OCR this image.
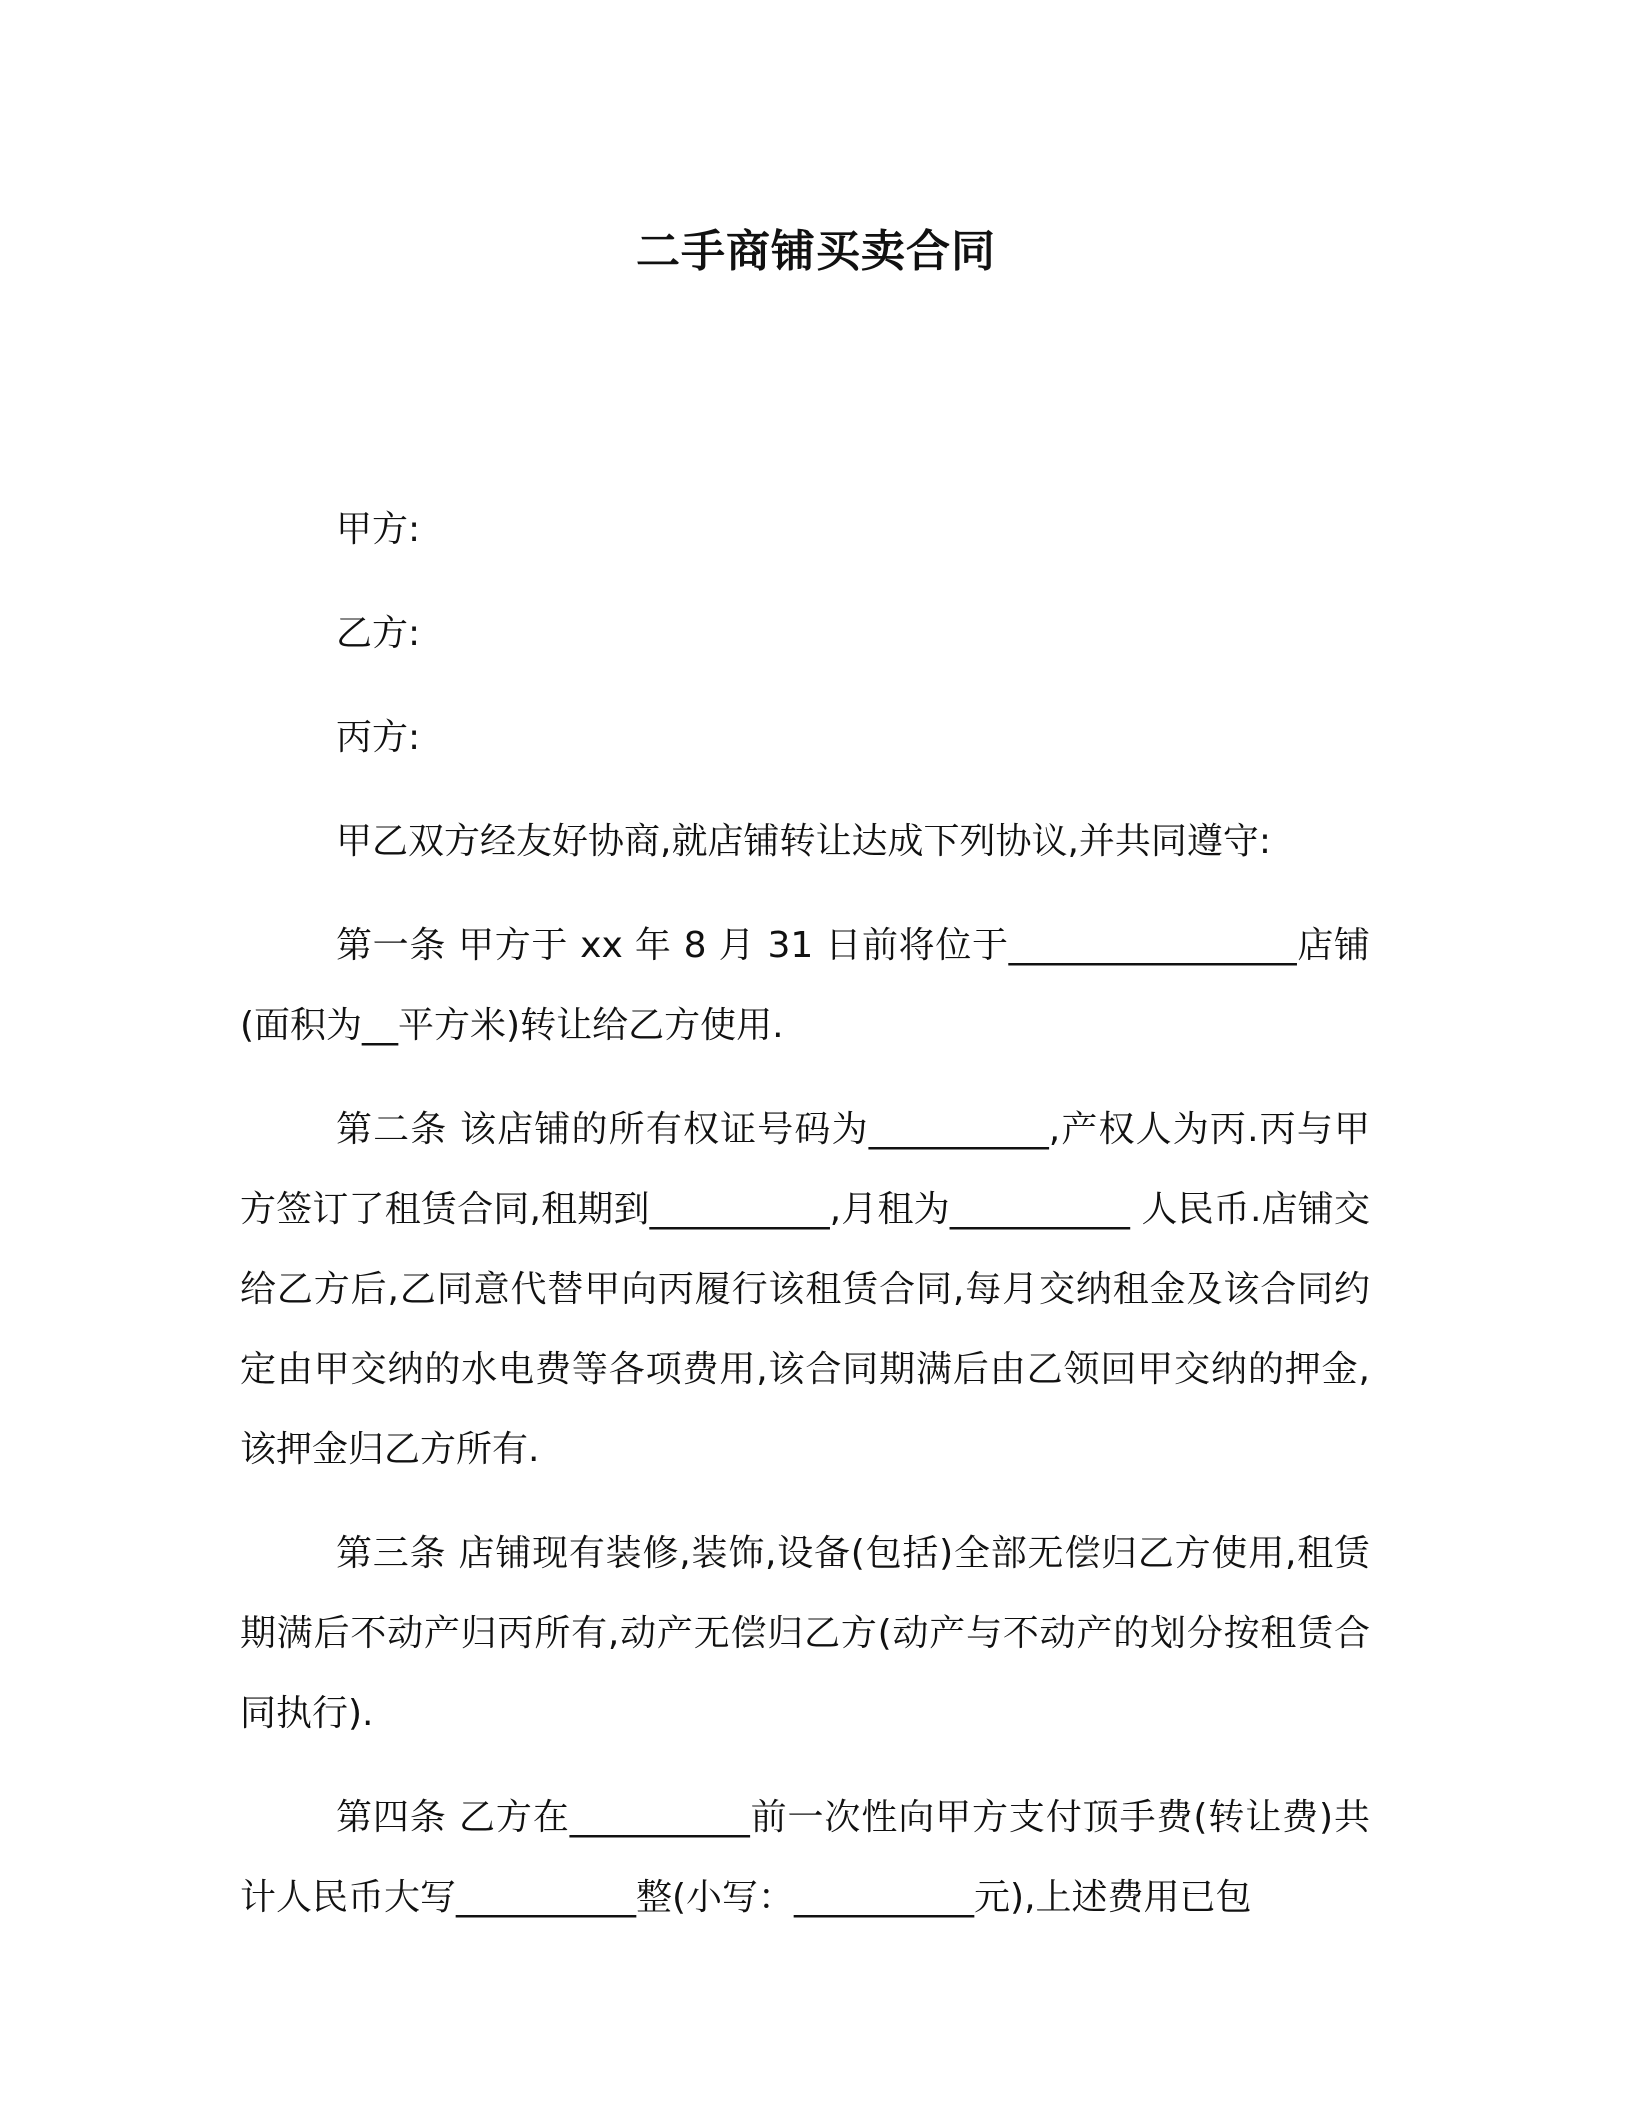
二手商铺买卖合同

甲方:

乙方:

丙方:

甲乙双方经友好协商,就店铺转让达成下列协议,并共同遵守:

第一条 甲方于 xx 年 8 月 31 日前将位于________________店铺(面积为__平方米)转让给乙方使用.

第二条 该店铺的所有权证号码为__________,产权人为丙.丙与甲方签订了租赁合同,租期到__________,月租为__________ 人民币.店铺交给乙方后,乙同意代替甲向丙履行该租赁合同,每月交纳租金及该合同约定由甲交纳的水电费等各项费用,该合同期满后由乙领回甲交纳的押金,该押金归乙方所有.

第三条 店铺现有装修,装饰,设备(包括)全部无偿归乙方使用,租赁期满后不动产归丙所有,动产无偿归乙方(动产与不动产的划分按租赁合同执行).

第四条 乙方在__________前一次性向甲方支付顶手费(转让费)共计人民币大写__________整(小写：__________元),上述费用已包
